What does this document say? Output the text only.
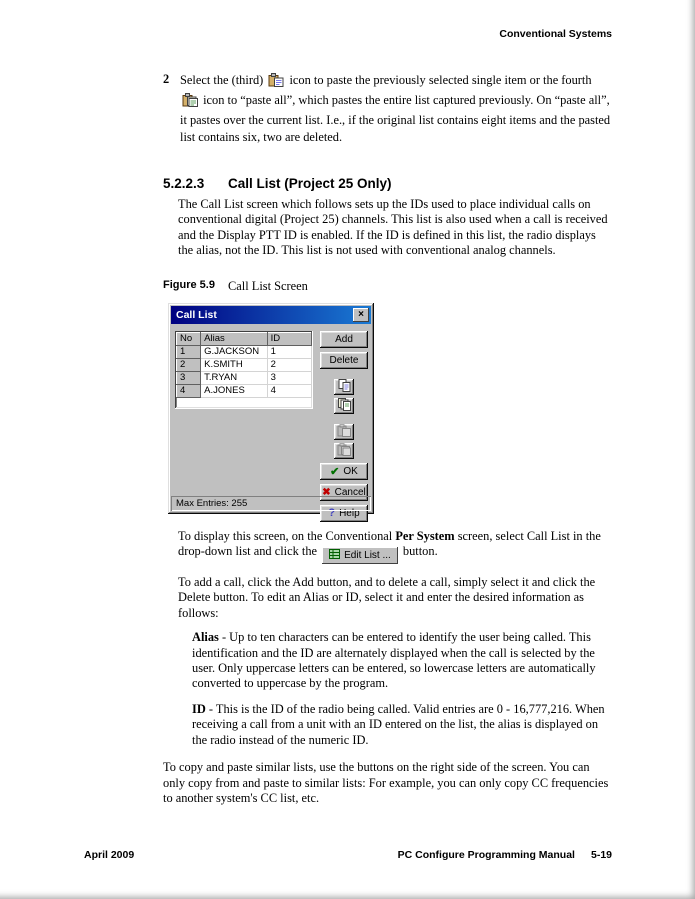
Conventional Systems
2 Select the (third)  icon to paste the previously selected single item or the fourth  icon to “paste all”, which pastes the entire list captured previously. On “paste all”, it pastes over the current list. I.e., if the original list contains eight items and the pasted list contains six, two are deleted.
5.2.2.3	Call List (Project 25 Only)

The Call List screen which follows sets up the IDs used to place individual calls on conventional digital (Project 25) channels. This list is also used when a call is received and the Display PTT ID is enabled. If the ID is defined in this list, the radio displays the alias, not the ID. This list is not used with conventional analog channels.

Figure 5.9	Call List Screen
Call List	×
No	Alias	ID
1	G.JACKSON	1
2	K.SMITH	2
3	T.RYAN	3
4	A.JONES	4
Add
Delete
✔ OK
✖ Cancel
? Help
Max Entries: 255

To display this screen, on the Conventional Per System screen, select Call List in the drop-down list and click the Edit List ... button.

To add a call, click the Add button, and to delete a call, simply select it and click the Delete button. To edit an Alias or ID, select it and enter the desired information as follows:

Alias - Up to ten characters can be entered to identify the user being called. This identification and the ID are alternately displayed when the call is selected by the user. Only uppercase letters can be entered, so lowercase letters are automatically converted to uppercase by the program.

ID - This is the ID of the radio being called. Valid entries are 0 - 16,777,216. When receiving a call from a unit with an ID entered on the list, the alias is displayed on the radio instead of the numeric ID.

To copy and paste similar lists, use the buttons on the right side of the screen. You can only copy from and paste to similar lists: For example, you can only copy CC frequencies to another system's CC list, etc.

April 2009	PC Configure Programming Manual 5-19
